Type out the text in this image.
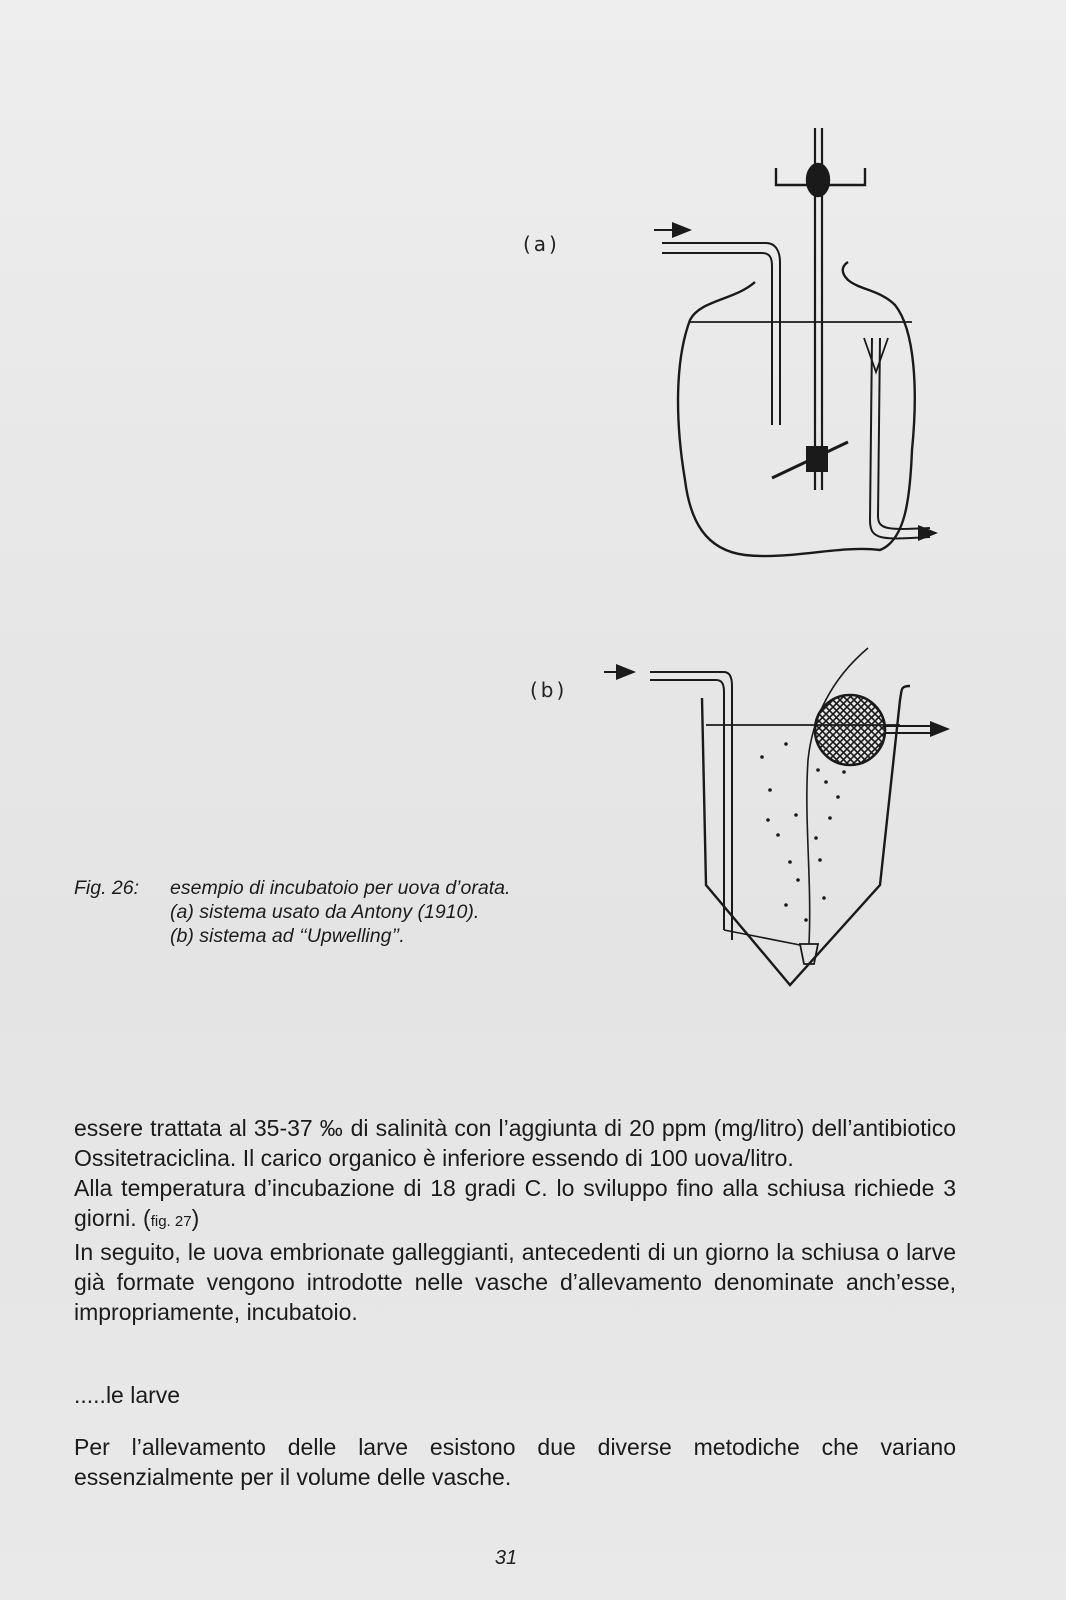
(a)
(b)
Fig. 26:	esempio di incubatoio per uova d’orata.
(a) sistema usato da Antony (1910).
(b) sistema ad ‘‘Upwelling’’.

essere trattata al 35-37 ‰ di salinità con l’aggiunta di 20 ppm (mg/litro) dell’antibiotico Ossitetraciclina. Il carico organico è inferiore essendo di 100 uova/litro.

Alla temperatura d’incubazione di 18 gradi C. lo sviluppo fino alla schiusa richiede 3 giorni. (fig. 27)

In seguito, le uova embrionate galleggianti, antecedenti di un giorno la schiusa o larve già formate vengono introdotte nelle vasche d’allevamento denominate anch’esse, impropriamente, incubatoio.

.....le larve

Per l’allevamento delle larve esistono due diverse metodiche che variano essenzialmente per il volume delle vasche.

31
